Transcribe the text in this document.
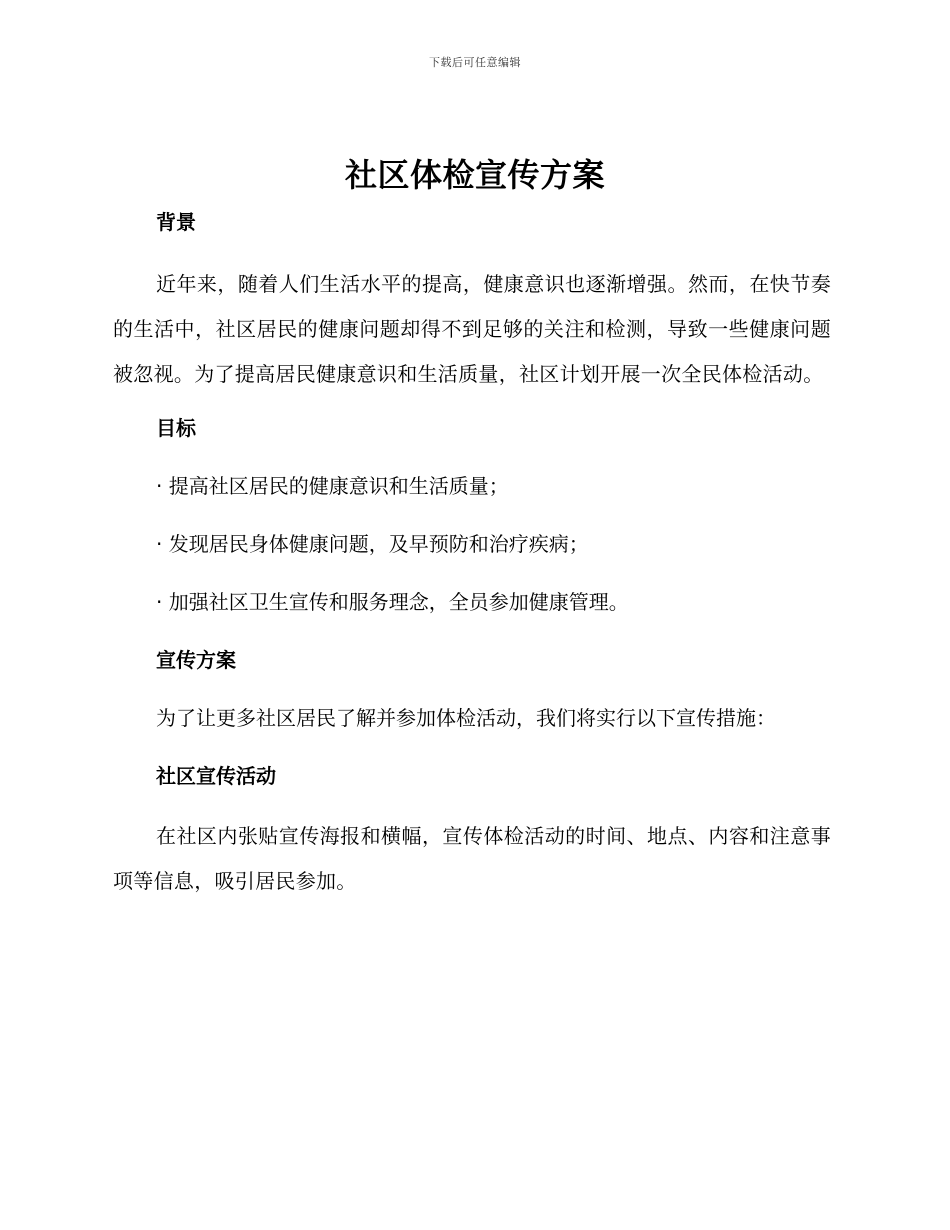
下载后可任意编辑
社区体检宣传方案
背景

近年来，随着人们生活水平的提高，健康意识也逐渐增强。然而，在快节奏的生活中，社区居民的健康问题却得不到足够的关注和检测，导致一些健康问题被忽视。为了提高居民健康意识和生活质量，社区计划开展一次全民体检活动。

目标

· 提高社区居民的健康意识和生活质量；

· 发现居民身体健康问题，及早预防和治疗疾病；

· 加强社区卫生宣传和服务理念，全员参加健康管理。

宣传方案

为了让更多社区居民了解并参加体检活动，我们将实行以下宣传措施：

社区宣传活动

在社区内张贴宣传海报和横幅，宣传体检活动的时间、地点、内容和注意事项等信息，吸引居民参加。
